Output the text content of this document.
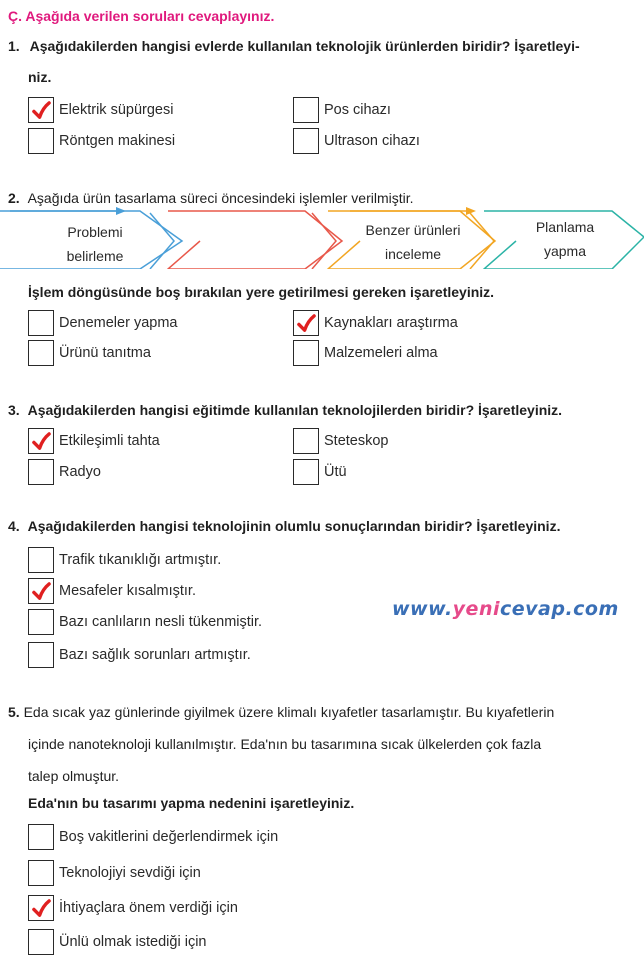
Ç. Aşağıda verilen soruları cevaplayınız.
1. Aşağıdakilerden hangisi evlerde kullanılan teknolojik ürünlerden biridir? İşaretleyi-
niz.
Elektrik süpürgesi	Pos cihazı
Röntgen makinesi	Ultrason cihazı
2. Aşağıda ürün tasarlama süreci öncesindeki işlemler verilmiştir.
Problemi
belirleme
Benzer ürünleri
inceleme
Planlama
yapma
İşlem döngüsünde boş bırakılan yere getirilmesi gereken işaretleyiniz.
Denemeler yapma	Kaynakları araştırma
Ürünü tanıtma	Malzemeleri alma
3. Aşağıdakilerden hangisi eğitimde kullanılan teknolojilerden biridir? İşaretleyiniz.
Etkileşimli tahta	Steteskop
Radyo	Ütü
4. Aşağıdakilerden hangisi teknolojinin olumlu sonuçlarından biridir? İşaretleyiniz.
Trafik tıkanıklığı artmıştır.
Mesafeler kısalmıştır.
Bazı canlıların nesli tükenmiştir.
Bazı sağlık sorunları artmıştır.
www.yenicevap.com
5. Eda sıcak yaz günlerinde giyilmek üzere klimalı kıyafetler tasarlamıştır. Bu kıyafetlerin
içinde nanoteknoloji kullanılmıştır. Eda'nın bu tasarımına sıcak ülkelerden çok fazla
talep olmuştur.
Eda'nın bu tasarımı yapma nedenini işaretleyiniz.
Boş vakitlerini değerlendirmek için
Teknolojiyi sevdiği için
İhtiyaçlara önem verdiği için
Ünlü olmak istediği için
